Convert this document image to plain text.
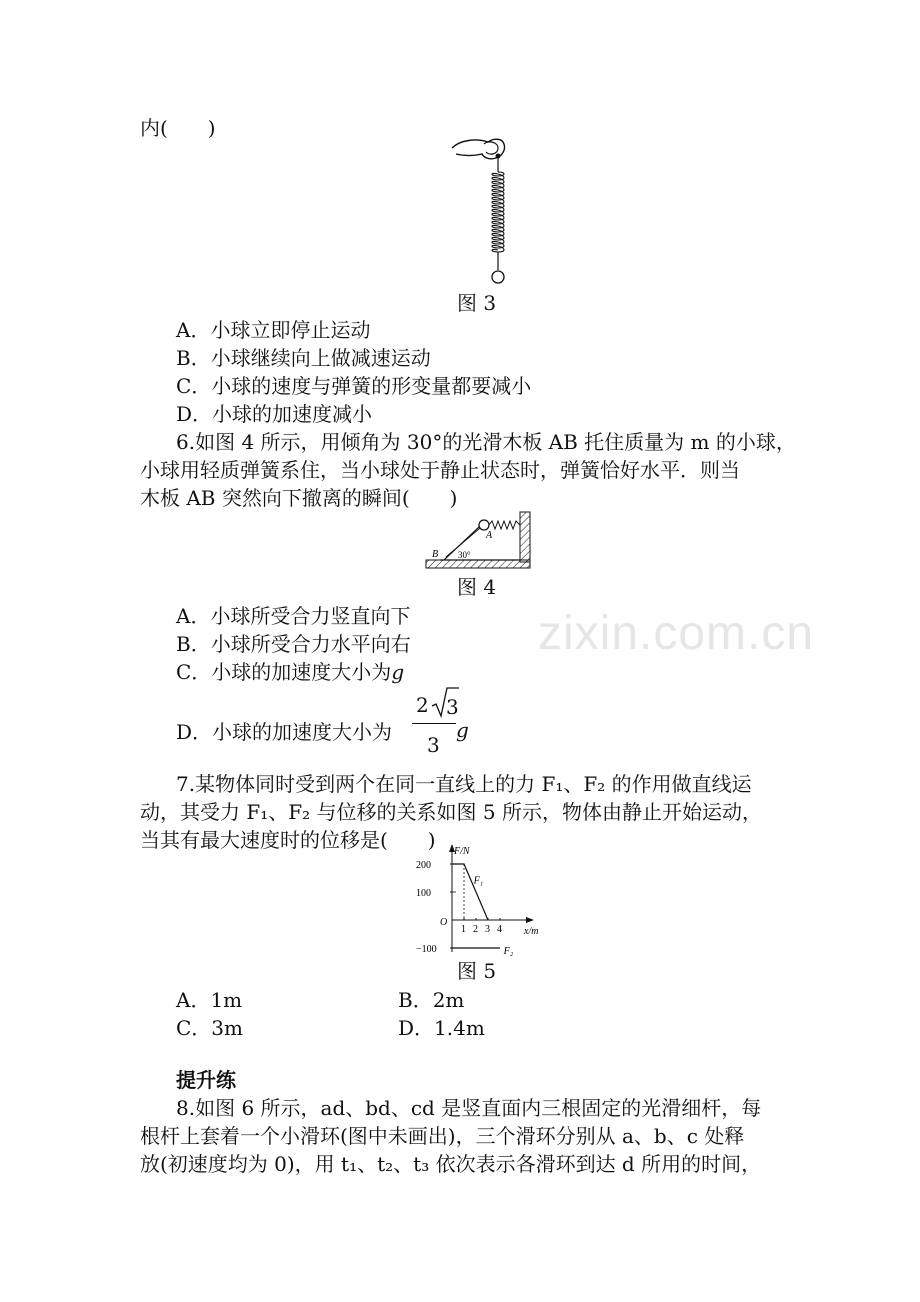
zixin.com.cn
内(　　)
图 3
A．小球立即停止运动
B．小球继续向上做减速运动
C．小球的速度与弹簧的形变量都要减小
D．小球的加速度减小
6.如图 4 所示，用倾角为 30°的光滑木板 AB 托住质量为 m 的小球，
小球用轻质弹簧系住，当小球处于静止状态时，弹簧恰好水平．则当
木板 AB 突然向下撤离的瞬间(　　)
A
B 30°
图 4
A．小球所受合力竖直向下
B．小球所受合力水平向右
C．小球的加速度大小为g
D．小球的加速度大小为
2 3
3
g
7.某物体同时受到两个在同一直线上的力 F₁、F₂ 的作用做直线运
动，其受力 F₁、F₂ 与位移的关系如图 5 所示，物体由静止开始运动，
当其有最大速度时的位移是(　　) F/N
x/m
O
200
100
−100
1 2 3 4
F₁
F₂
图 5
A．1m	B．2m
C．3m	D．1.4m
提升练
8.如图 6 所示，ad、bd、cd 是竖直面内三根固定的光滑细杆，每
根杆上套着一个小滑环(图中未画出)，三个滑环分别从 a、b、c 处释
放(初速度均为 0)，用 t₁、t₂、t₃ 依次表示各滑环到达 d 所用的时间，
